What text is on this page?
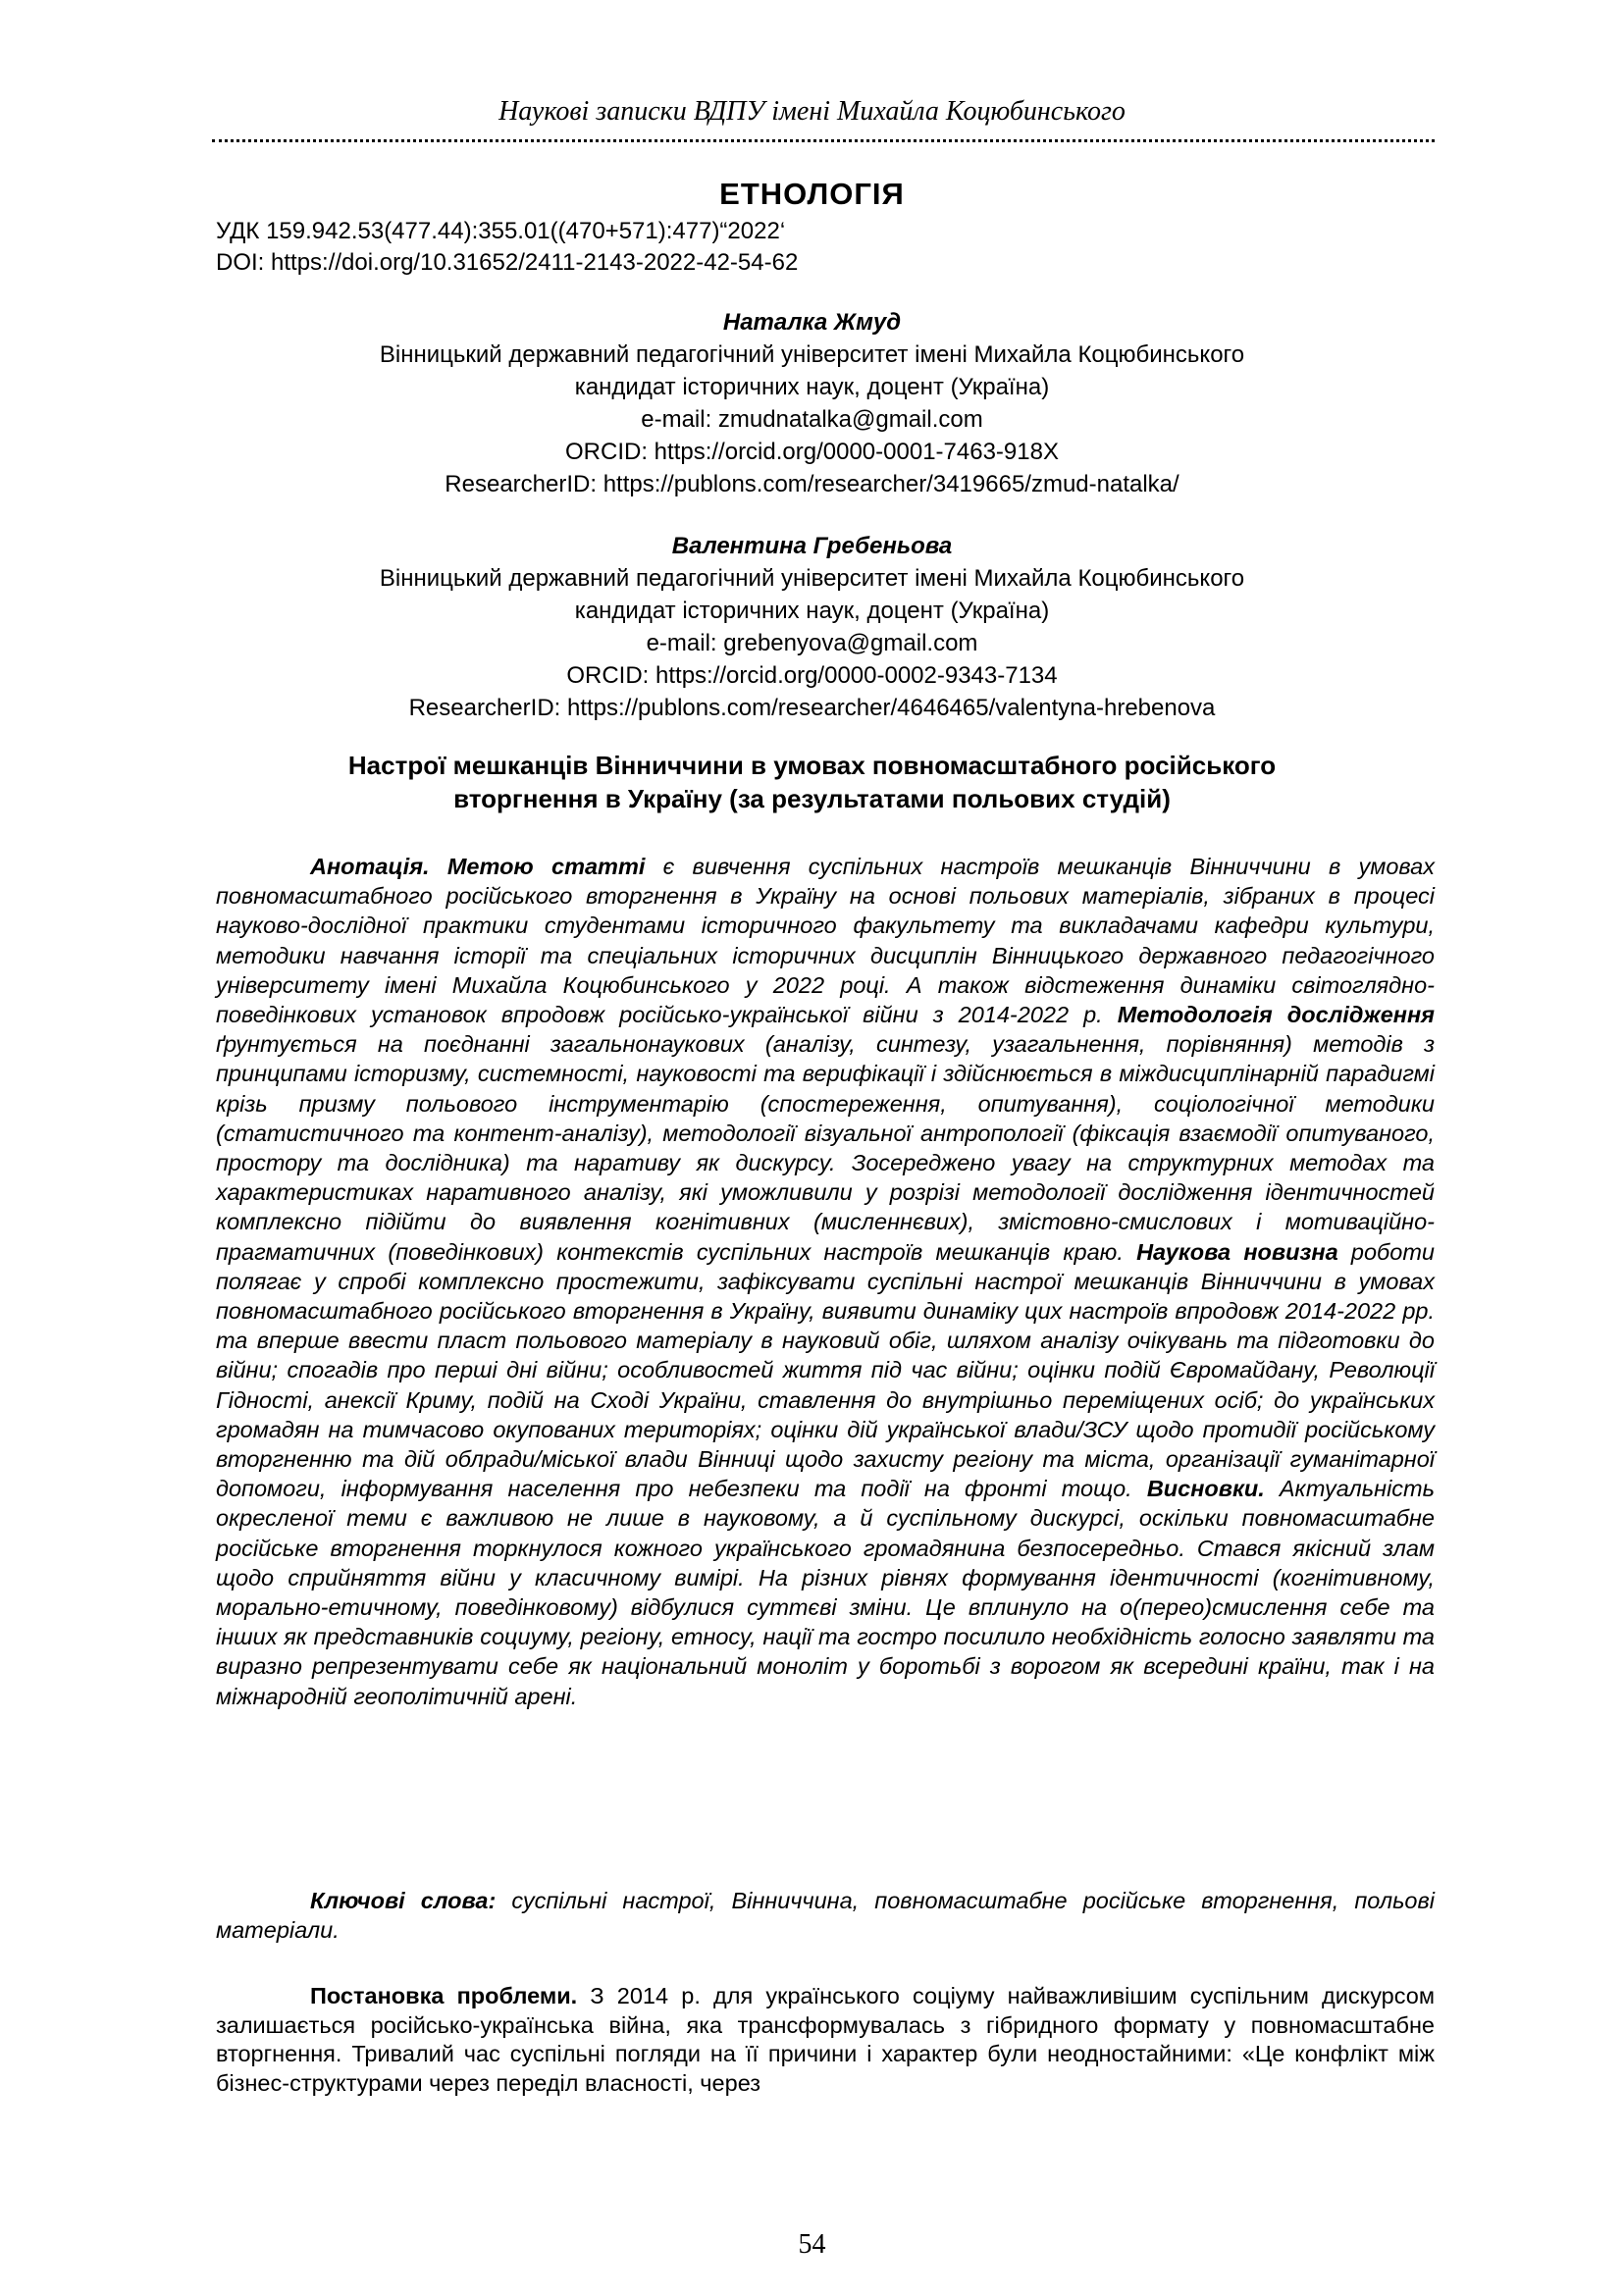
Наукові записки ВДПУ імені Михайла Коцюбинського
ЕТНОЛОГІЯ
УДК 159.942.53(477.44):355.01((470+571):477)“2022‘
DOI: https://doi.org/10.31652/2411-2143-2022-42-54-62
Наталка Жмуд
Вінницький державний педагогічний університет імені Михайла Коцюбинського
кандидат історичних наук, доцент (Україна)
e-mail: zmudnatalka@gmail.com
ORCID: https://orcid.org/0000-0001-7463-918X
ResearcherID: https://publons.com/researcher/3419665/zmud-natalka/
Валентина Гребеньова
Вінницький державний педагогічний університет імені Михайла Коцюбинського
кандидат історичних наук, доцент (Україна)
e-mail: grebenyova@gmail.com
ORCID: https://orcid.org/0000-0002-9343-7134
ResearcherID: https://publons.com/researcher/4646465/valentyna-hrebenova
Настрої мешканців Вінниччини в умовах повномасштабного російського
вторгнення в Україну (за результатами польових студій)

Анотація. Метою статті є вивчення суспільних настроїв мешканців Вінниччини в умовах повномасштабного російського вторгнення в Україну на основі польових матеріалів, зібраних в процесі науково-дослідної практики студентами історичного факультету та викладачами кафедри культури, методики навчання історії та спеціальних історичних дисциплін Вінницького державного педагогічного університету імені Михайла Коцюбинського у 2022 році. А також відстеження динаміки світоглядно-поведінкових установок впродовж російсько-української війни з 2014-2022 р. Методологія дослідження ґрунтується на поєднанні загальнонаукових (аналізу, синтезу, узагальнення, порівняння) методів з принципами історизму, системності, науковості та верифікації і здійснюється в міждисциплінарній парадигмі крізь призму польового інструментарію (спостереження, опитування), соціологічної методики (статистичного та контент-аналізу), методології візуальної антропології (фіксація взаємодії опитуваного, простору та дослідника) та наративу як дискурсу. Зосереджено увагу на структурних методах та характеристиках наративного аналізу, які уможливили у розрізі методології дослідження ідентичностей комплексно підійти до виявлення когнітивних (мисленнєвих), змістовно-смислових і мотиваційно-прагматичних (поведінкових) контекстів суспільних настроїв мешканців краю. Наукова новизна роботи полягає у спробі комплексно простежити, зафіксувати суспільні настрої мешканців Вінниччини в умовах повномасштабного російського вторгнення в Україну, виявити динаміку цих настроїв впродовж 2014-2022 рр. та вперше ввести пласт польового матеріалу в науковий обіг, шляхом аналізу очікувань та підготовки до війни; спогадів про перші дні війни; особливостей життя під час війни; оцінки подій Євромайдану, Революції Гідності, анексії Криму, подій на Сході України, ставлення до внутрішньо переміщених осіб; до українських громадян на тимчасово окупованих територіях; оцінки дій української влади/ЗСУ щодо протидії російському вторгненню та дій облради/міської влади Вінниці щодо захисту регіону та міста, організації гуманітарної допомоги, інформування населення про небезпеки та події на фронті тощо. Висновки. Актуальність окресленої теми є важливою не лише в науковому, а й суспільному дискурсі, оскільки повномасштабне російське вторгнення торкнулося кожного українського громадянина безпосередньо. Стався якісний злам щодо сприйняття війни у класичному вимірі. На різних рівнях формування ідентичності (когнітивному, морально-етичному, поведінковому) відбулися суттєві зміни. Це вплинуло на о(перео)смислення себе та інших як представників социуму, регіону, етносу, нації та гостро посилило необхідність голосно заявляти та виразно репрезентувати себе як національний моноліт у боротьбі з ворогом як всередині країни, так і на міжнародній геополітичній арені.

Ключові слова: суспільні настрої, Вінниччина, повномасштабне російське вторгнення, польові матеріали.
Постановка проблеми. З 2014 р. для українського соціуму найважливішим суспільним дискурсом залишається російсько-українська війна, яка трансформувалась з гібридного формату у повномасштабне вторгнення. Тривалий час суспільні погляди на її причини і характер були неодностайними: «Це конфлікт між бізнес-структурами через переділ власності, через
54
